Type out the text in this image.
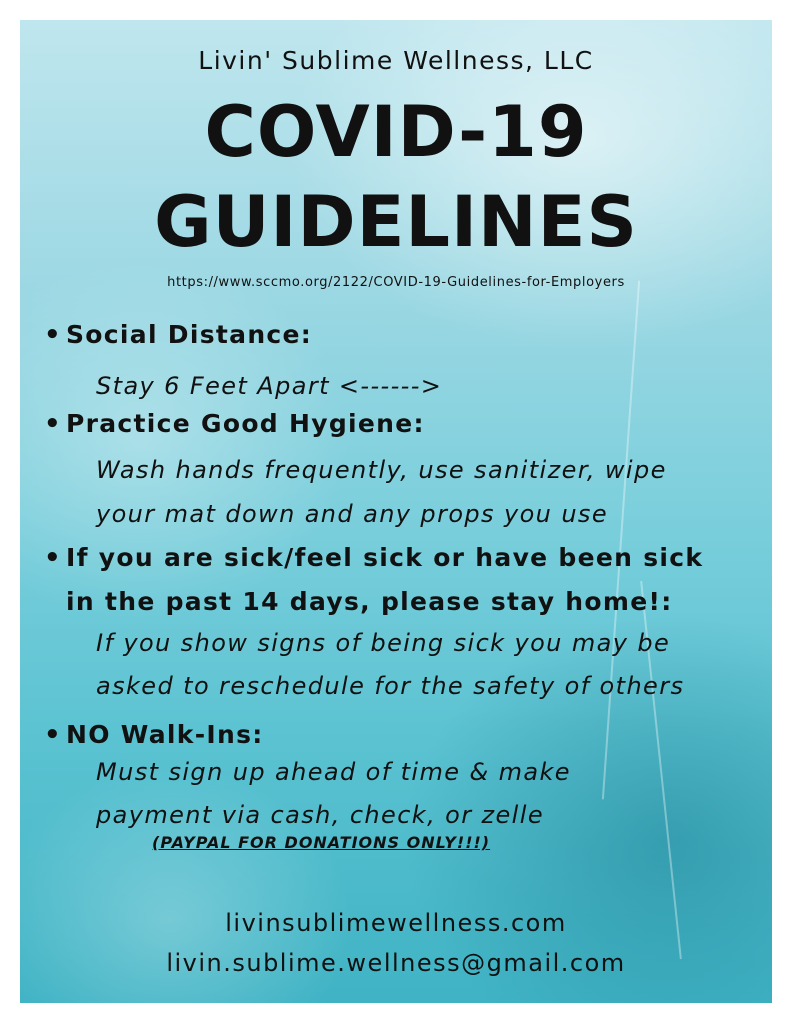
Livin' Sublime Wellness, LLC
COVID-19
GUIDELINES
https://www.sccmo.org/2122/COVID-19-Guidelines-for-Employers
• Social Distance:
Stay 6 Feet Apart <------>
• Practice Good Hygiene:
Wash hands frequently, use sanitizer, wipe
your mat down and any props you use
• If you are sick/feel sick or have been sick
in the past 14 days, please stay home!:
If you show signs of being sick you may be
asked to reschedule for the safety of others
• NO Walk-Ins:
Must sign up ahead of time & make
payment via cash, check, or zelle
(PAYPAL FOR DONATIONS ONLY!!!)
livinsublimewellness.com
livin.sublime.wellness@gmail.com
